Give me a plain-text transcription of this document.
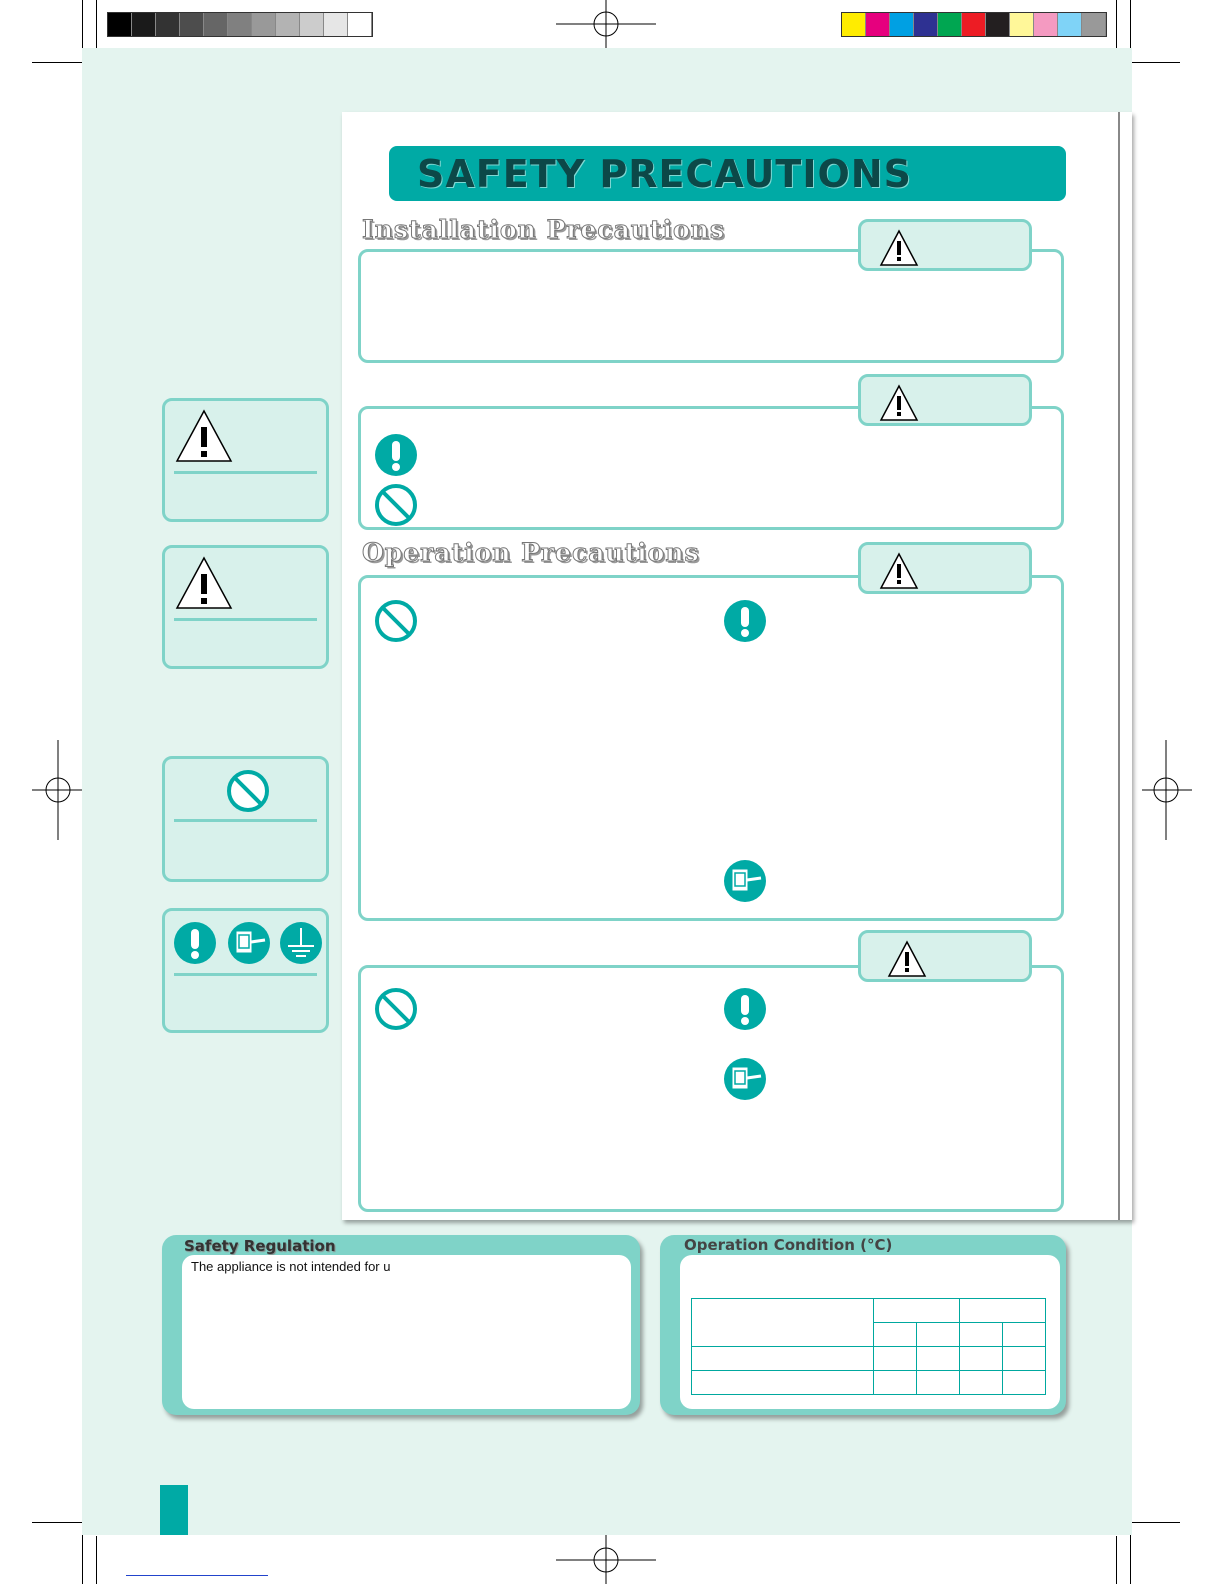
SAFETY PRECAUTIONS
Installation Precautions
Operation Precautions
Safety Regulation
The appliance is not intended for u
Operation Condition (°C)
